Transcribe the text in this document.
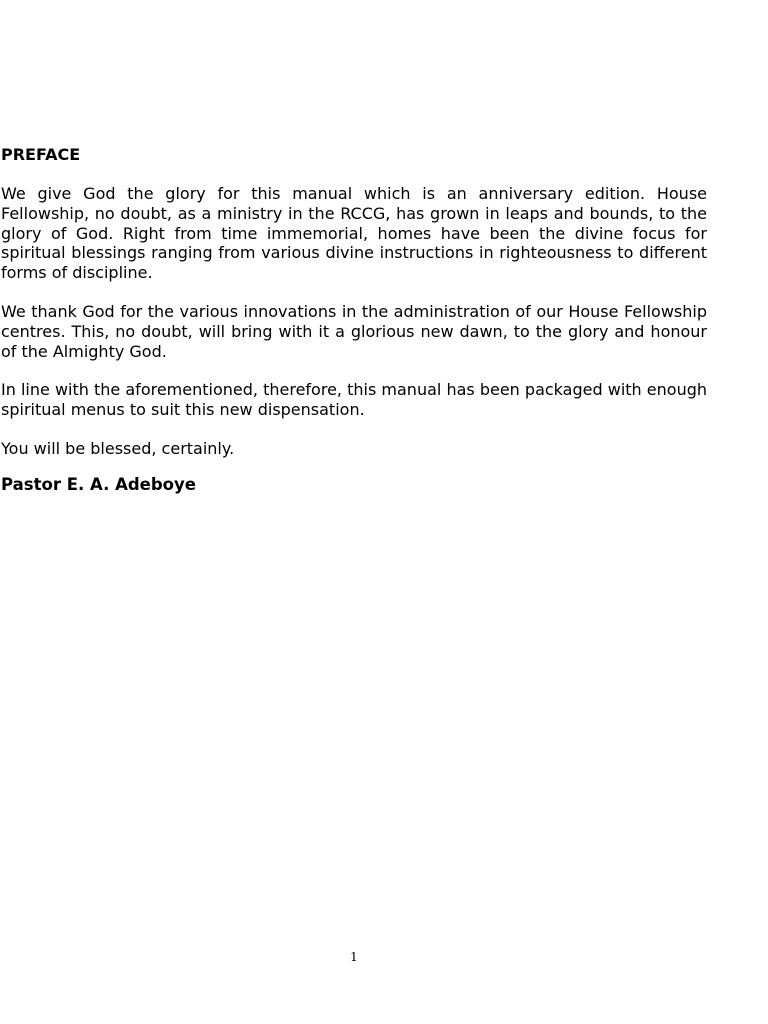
PREFACE

We give God the glory for this manual which is an anniversary edition. House Fellowship, no doubt, as a ministry in the RCCG, has grown in leaps and bounds, to the glory of God. Right from time immemorial, homes have been the divine focus for spiritual blessings ranging from various divine instructions in righteousness to different forms of discipline.

We thank God for the various innovations in the administration of our House Fellowship centres. This, no doubt, will bring with it a glorious new dawn, to the glory and honour of the Almighty God.

In line with the aforementioned, therefore, this manual has been packaged with enough spiritual menus to suit this new dispensation.

You will be blessed, certainly.

Pastor E. A. Adeboye
1
